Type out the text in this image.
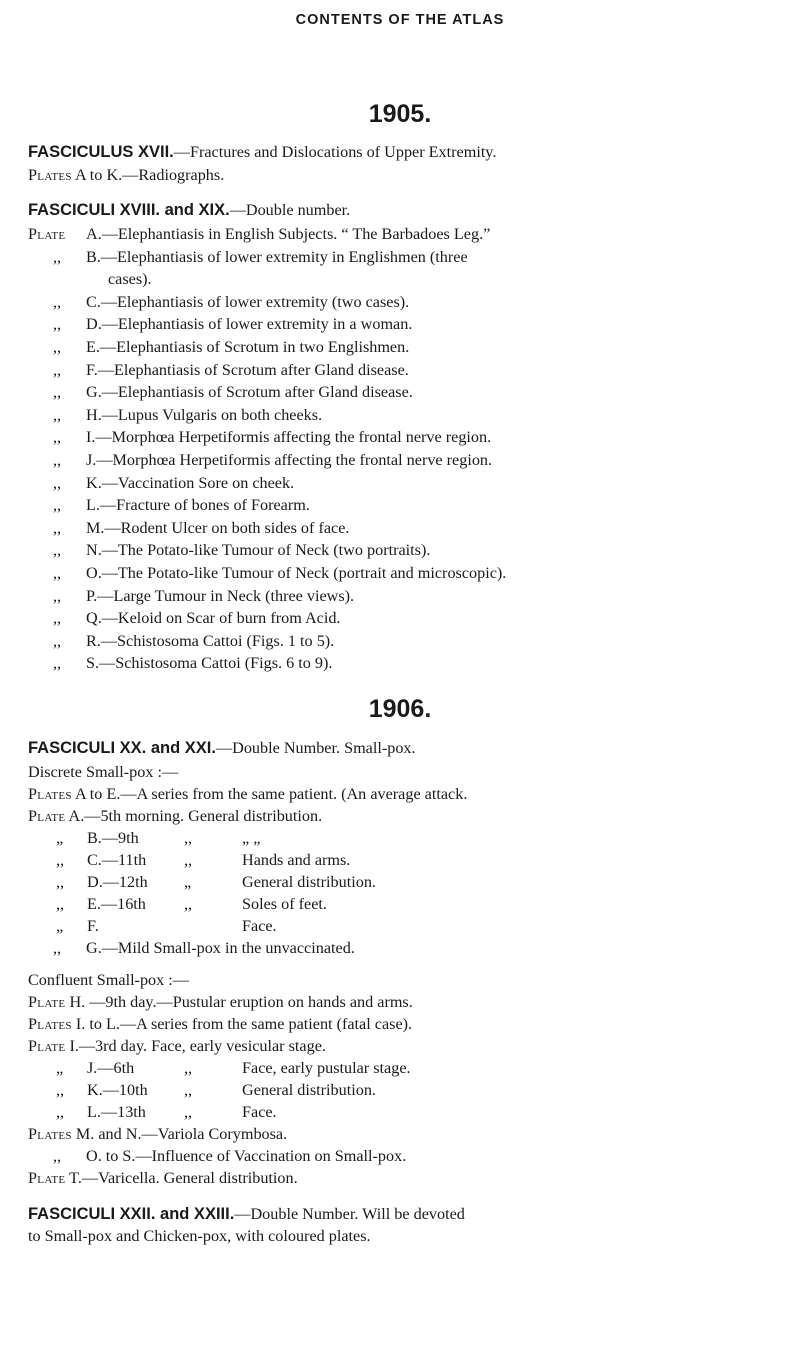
CONTENTS OF THE ATLAS
1905.
FASCICULUS XVII.—Fractures and Dislocations of Upper Extremity.
Plates A to K.—Radiographs.
FASCICULI XVIII. and XIX.—Double number.
Plate A.—Elephantiasis in English Subjects. “ The Barbadoes Leg.”
,, B.—Elephantiasis of lower extremity in Englishmen (three
cases).
,, C.—Elephantiasis of lower extremity (two cases).
,, D.—Elephantiasis of lower extremity in a woman.
,, E.—Elephantiasis of Scrotum in two Englishmen.
,, F.—Elephantiasis of Scrotum after Gland disease.
,, G.—Elephantiasis of Scrotum after Gland disease.
,, H.—Lupus Vulgaris on both cheeks.
,, I.—Morphœa Herpetiformis affecting the frontal nerve region.
,, J.—Morphœa Herpetiformis affecting the frontal nerve region.
,, K.—Vaccination Sore on cheek.
,, L.—Fracture of bones of Forearm.
,, M.—Rodent Ulcer on both sides of face.
,, N.—The Potato-like Tumour of Neck (two portraits).
,, O.—The Potato-like Tumour of Neck (portrait and microscopic).
,, P.—Large Tumour in Neck (three views).
,, Q.—Keloid on Scar of burn from Acid.
,, R.—Schistosoma Cattoi (Figs. 1 to 5).
,, S.—Schistosoma Cattoi (Figs. 6 to 9).
1906.
FASCICULI XX. and XXI.—Double Number. Small-pox.
Discrete Small-pox :—
Plates A to E.—A series from the same patient. (An average attack.
Plate A.—5th morning. General distribution.
„ B.—9th	,,	„ „
,, C.—11th ,,	Hands and arms.
,, D.—12th „	General distribution.
,, E.—16th ,,	Soles of feet.
„ F.	Face.
,, G.—Mild Small-pox in the unvaccinated.
Confluent Small-pox :—
Plate H. —9th day.—Pustular eruption on hands and arms.
Plates I. to L.—A series from the same patient (fatal case).
Plate I.—3rd day. Face, early vesicular stage.
„ J.—6th	,,	Face, early pustular stage.
,, K.—10th ,,	General distribution.
,, L.—13th ,,	Face.
Plates M. and N.—Variola Corymbosa.
,, O. to S.—Influence of Vaccination on Small-pox.
Plate T.—Varicella. General distribution.
FASCICULI XXII. and XXIII.—Double Number. Will be devoted
to Small-pox and Chicken-pox, with coloured plates.
